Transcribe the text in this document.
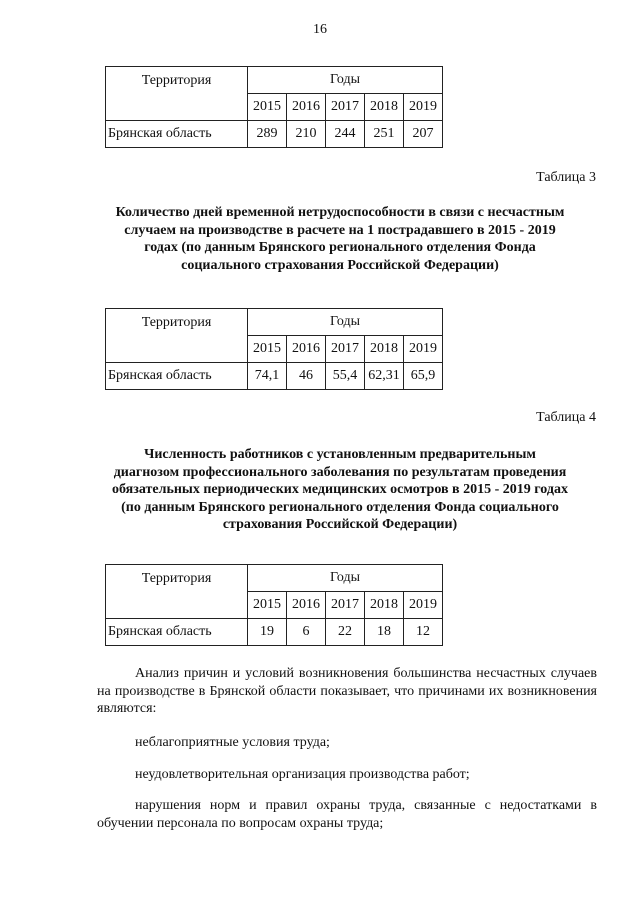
16
Территория	Годы				
	2015	2016	2017	2018	2019
Брянская область	289	210	244	251	207
Таблица 3
Количество дней временной нетрудоспособности в связи с несчастным случаем на производстве в расчете на 1 пострадавшего в 2015 - 2019 годах (по данным Брянского регионального отделения Фонда социального страхования Российской Федерации)
Территория	Годы				
	2015	2016	2017	2018	2019
Брянская область	74,1	46	55,4	62,31	65,9
Таблица 4
Численность работников с установленным предварительным диагнозом профессионального заболевания по результатам проведения обязательных периодических медицинских осмотров в 2015 - 2019 годах (по данным Брянского регионального отделения Фонда социального страхования Российской Федерации)
Территория	Годы				
	2015	2016	2017	2018	2019
Брянская область	19	6	22	18	12

Анализ причин и условий возникновения большинства несчастных случаев на производстве в Брянской области показывает, что причинами их возникновения являются:

неблагоприятные условия труда;

неудовлетворительная организация производства работ;

нарушения норм и правил охраны труда, связанные с недостатками в обучении персонала по вопросам охраны труда;
